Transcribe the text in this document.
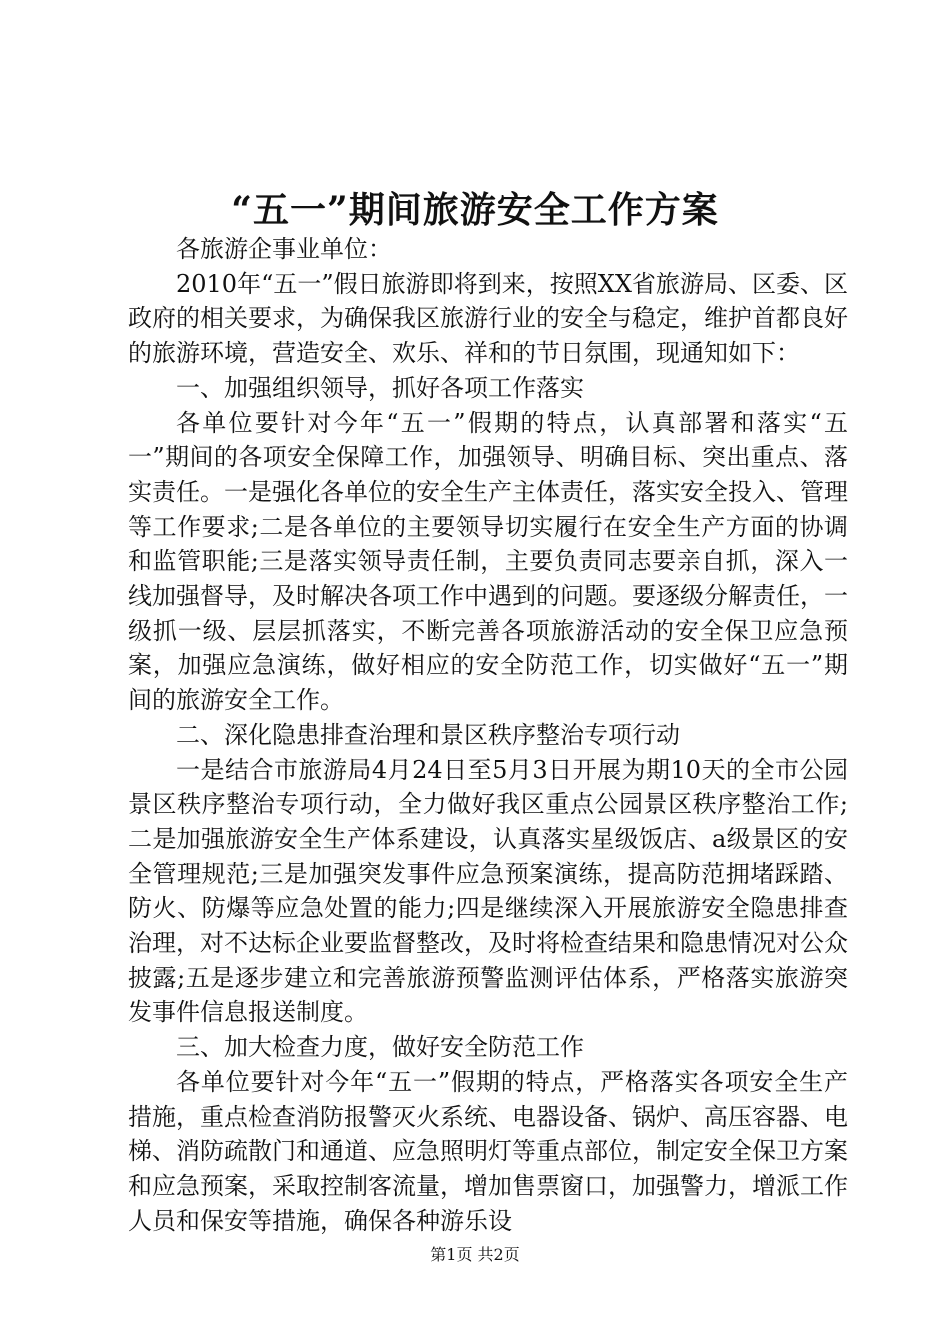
“五一”期间旅游安全工作方案

各旅游企事业单位：

2010年“五一”假日旅游即将到来，按照XX省旅游局、区委、区政府的相关要求，为确保我区旅游行业的安全与稳定，维护首都良好的旅游环境，营造安全、欢乐、祥和的节日氛围，现通知如下：

一、加强组织领导，抓好各项工作落实

各单位要针对今年“五一”假期的特点，认真部署和落实“五一”期间的各项安全保障工作，加强领导、明确目标、突出重点、落实责任。一是强化各单位的安全生产主体责任，落实安全投入、管理等工作要求;二是各单位的主要领导切实履行在安全生产方面的协调和监管职能;三是落实领导责任制，主要负责同志要亲自抓，深入一线加强督导，及时解决各项工作中遇到的问题。要逐级分解责任，一级抓一级、层层抓落实，不断完善各项旅游活动的安全保卫应急预案，加强应急演练，做好相应的安全防范工作，切实做好“五一”期间的旅游安全工作。

二、深化隐患排查治理和景区秩序整治专项行动

一是结合市旅游局4月24日至5月3日开展为期10天的全市公园景区秩序整治专项行动，全力做好我区重点公园景区秩序整治工作;二是加强旅游安全生产体系建设，认真落实星级饭店、a级景区的安全管理规范;三是加强突发事件应急预案演练，提高防范拥堵踩踏、防火、防爆等应急处置的能力;四是继续深入开展旅游安全隐患排查治理，对不达标企业要监督整改，及时将检查结果和隐患情况对公众披露;五是逐步建立和完善旅游预警监测评估体系，严格落实旅游突发事件信息报送制度。

三、加大检查力度，做好安全防范工作

各单位要针对今年“五一”假期的特点，严格落实各项安全生产措施，重点检查消防报警灭火系统、电器设备、锅炉、高压容器、电梯、消防疏散门和通道、应急照明灯等重点部位，制定安全保卫方案和应急预案，采取控制客流量，增加售票窗口，加强警力，增派工作人员和保安等措施，确保各种游乐设

第1页 共2页
